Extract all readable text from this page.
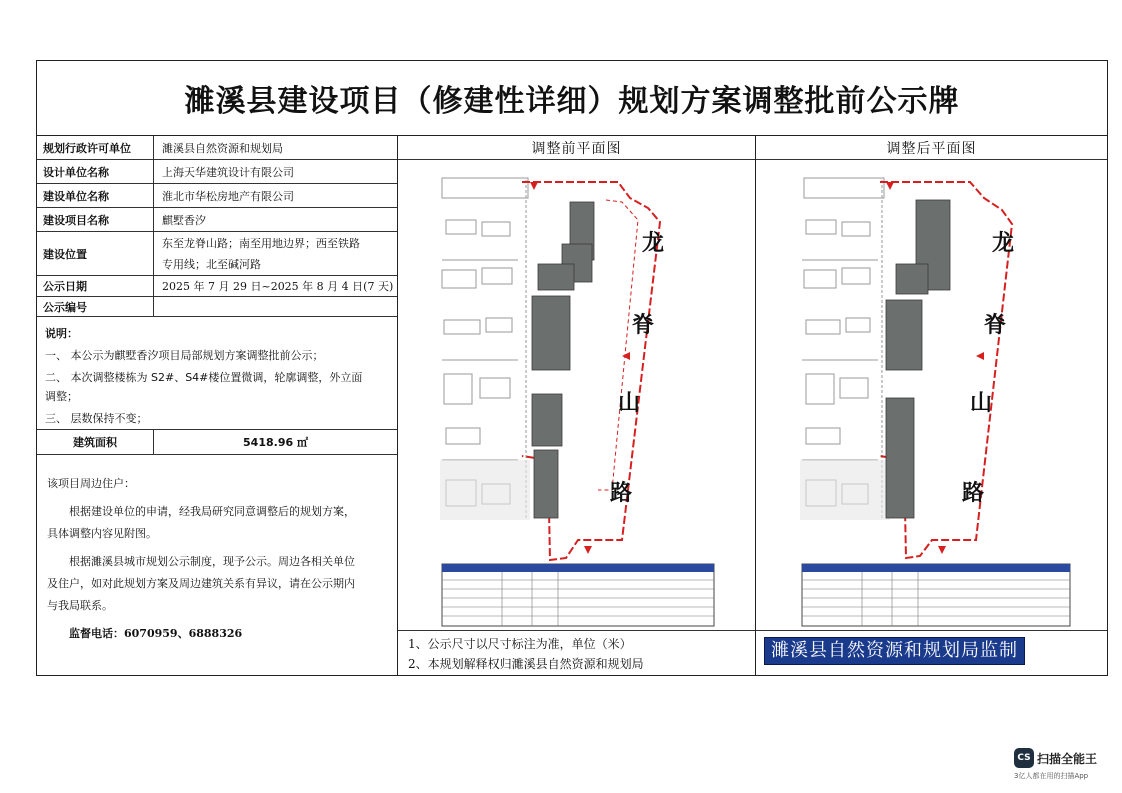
濉溪县建设项目（修建性详细）规划方案调整批前公示牌
规划行政许可单位	濉溪县自然资源和规划局
设计单位名称	上海天华建筑设计有限公司
建设单位名称	淮北市华松房地产有限公司
建设项目名称	麒墅香汐
建设位置
东至龙脊山路；南至用地边界；西至铁路
专用线；北至碱河路
公示日期	2025 年 7 月 29 日~2025 年 8 月 4 日(7 天)
公示编号
说明：
一、 本公示为麒墅香汐项目局部规划方案调整批前公示；
二、 本次调整楼栋为 S2#、S4#楼位置微调，轮廓调整，外立面
调整；
三、 层数保持不变；
建筑面积	5418.96 ㎡

该项目周边住户：

根据建设单位的申请，经我局研究同意调整后的规划方案，

具体调整内容见附图。

根据濉溪县城市规划公示制度，现予公示。周边各相关单位

及住户，如对此规划方案及周边建筑关系有异议，请在公示期内

与我局联系。

监督电话：6070959、6888326

调整前平面图
龙
脊
山
路
1、公示尺寸以尺寸标注为准，单位（米）
2、本规划解释权归濉溪县自然资源和规划局
调整后平面图
龙
脊
山
路
濉溪县自然资源和规划局监制
CS 扫描全能王
3亿人都在用的扫描App
